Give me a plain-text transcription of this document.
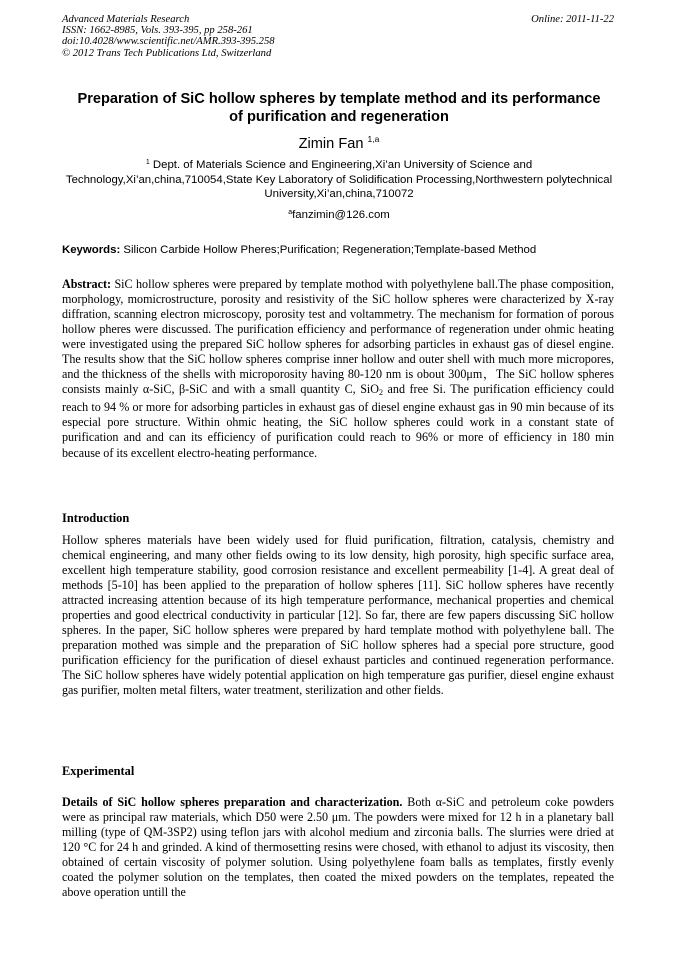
Advanced Materials Research
ISSN: 1662-8985, Vols. 393-395, pp 258-261
doi:10.4028/www.scientific.net/AMR.393-395.258
© 2012 Trans Tech Publications Ltd, Switzerland
Online: 2011-11-22
Preparation of SiC hollow spheres by template method and its performance of purification and regeneration
Zimin Fan $^{1,a}$
$^1$ Dept. of Materials Science and Engineering,Xi’an University of Science and Technology,Xi’an,china,710054,State Key Laboratory of Solidification Processing,Northwestern polytechnical University,Xi’an,china,710072
$^a$fanzimin@126.com
Keywords: Silicon Carbide Hollow Pheres;Purification; Regeneration;Template-based Method
Abstract: SiC hollow spheres were prepared by template mothod with polyethylene ball.The phase composition, morphology, momicrostructure, porosity and resistivity of the SiC hollow spheres were characterized by X-ray diffration, scanning electron microscopy, porosity test and voltammetry. The mechanism for formation of porous hollow pheres were discussed. The purification efficiency and performance of regeneration under ohmic heating were investigated using the prepared SiC hollow spheres for adsorbing particles in exhaust gas of diesel engine. The results show that the SiC hollow spheres comprise inner hollow and outer shell with much more micropores, and the thickness of the shells with microporosity having 80-120 nm is obout 300μm，The SiC hollow spheres consists mainly α-SiC, β-SiC and with a small quantity C, SiO$_2$ and free Si. The purification efficiency could reach to 94 % or more for adsorbing particles in exhaust gas of diesel engine exhaust gas in 90 min because of its especial pore structure. Within ohmic heating, the SiC hollow spheres could work in a constant state of purification and and can its efficiency of purification could reach to 96% or more of efficiency in 180 min because of its excellent electro-heating performance.
Introduction
Hollow spheres materials have been widely used for fluid purification, filtration, catalysis, chemistry and chemical engineering, and many other fields owing to its low density, high porosity, high specific surface area, excellent high temperature stability, good corrosion resistance and excellent permeability [1-4]. A great deal of methods [5-10] has been applied to the preparation of hollow spheres [11]. SiC hollow spheres have recently attracted increasing attention because of its high temperature performance, mechanical properties and chemical properties and good electrical conductivity in particular [12]. So far, there are few papers discussing SiC hollow spheres. In the paper, SiC hollow spheres were prepared by hard template mothod with polyethylene ball. The preparation mothed was simple and the preparation of SiC hollow spheres had a special pore structure, good purification efficiency for the purification of diesel exhaust particles and continued regeneration performance. The SiC hollow spheres have widely potential application on high temperature gas purifier, diesel engine exhaust gas purifier, molten metal filters, water treatment, sterilization and other fields.
Experimental
Details of SiC hollow spheres preparation and characterization. Both α-SiC and petroleum coke powders were as principal raw materials, which D50 were 2.50 μm. The powders were mixed for 12 h in a planetary ball milling (type of QM-3SP2) using teflon jars with alcohol medium and zirconia balls. The slurries were dried at 120 °C for 24 h and grinded. A kind of thermosetting resins were chosed, with ethanol to adjust its viscosity, then obtained of certain viscosity of polymer solution. Using polyethylene foam balls as templates, firstly evenly coated the polymer solution on the templates, then coated the mixed powders on the templates, repeated the above operation untill the
